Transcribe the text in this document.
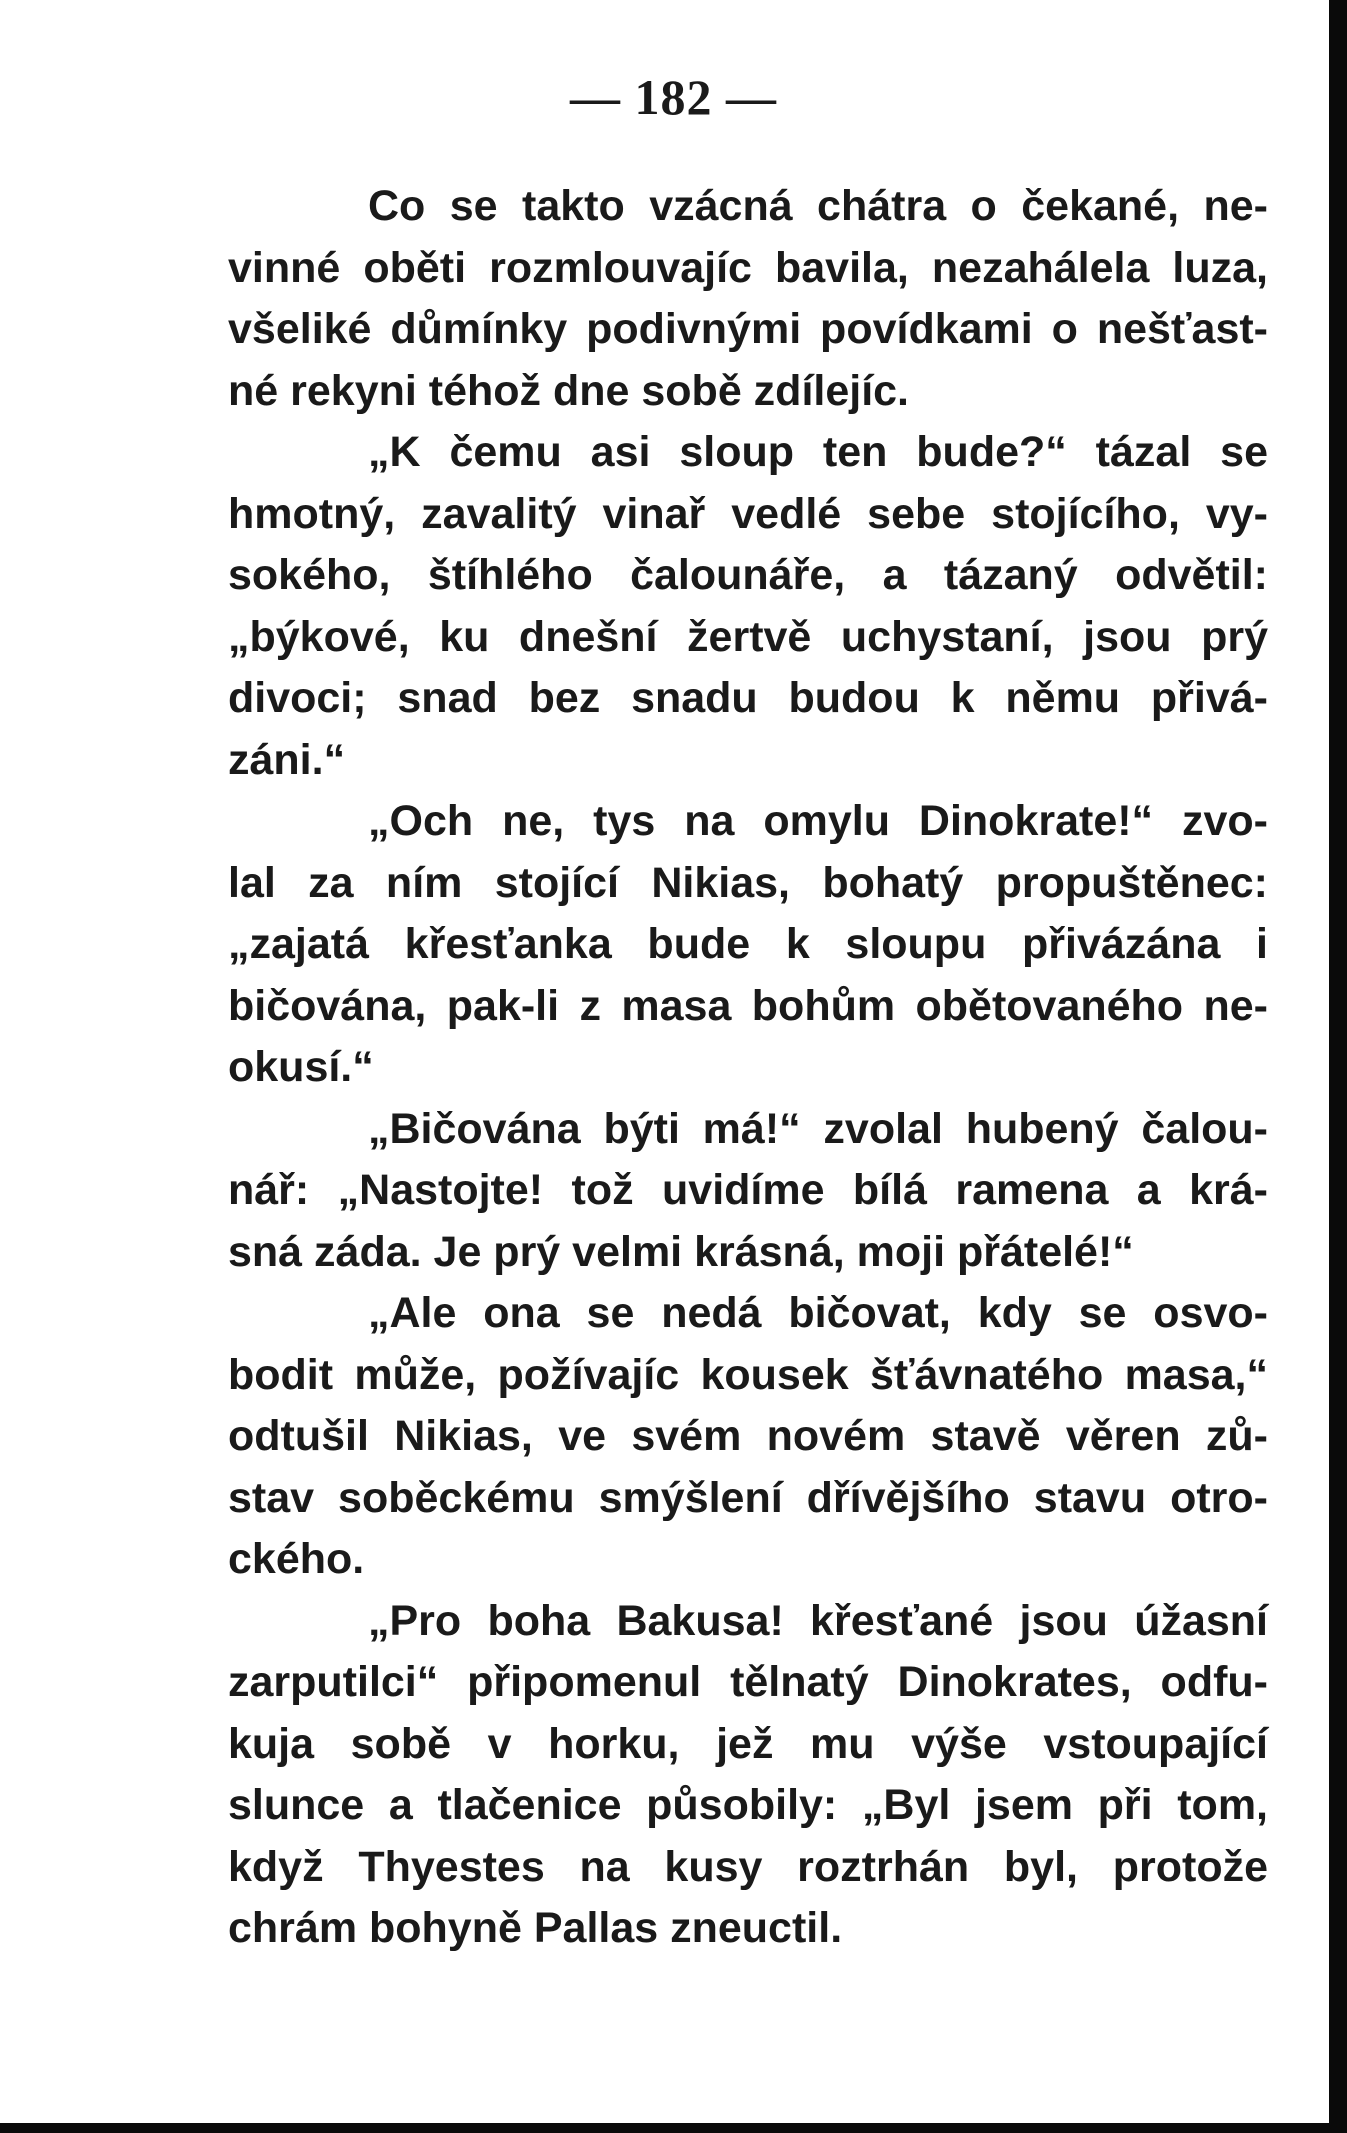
— 182 —
Co se takto vzácná chátra o čekané, ne-
vinné oběti rozmlouvajíc bavila, nezahálela luza,
všeliké důmínky podivnými povídkami o nešťast-
né rekyni téhož dne sobě zdílejíc.
„K čemu asi sloup ten bude?“ tázal se
hmotný, zavalitý vinař vedlé sebe stojícího, vy-
sokého, štíhlého čalounáře, a tázaný odvětil:
„býkové, ku dnešní žertvě uchystaní, jsou prý
divoci; snad bez snadu budou k němu přivá-
záni.“
„Och ne, tys na omylu Dinokrate!“ zvo-
lal za ním stojící Nikias, bohatý propuštěnec:
„zajatá křesťanka bude k sloupu přivázána i
bičována, pak-li z masa bohům obětovaného ne-
okusí.“
„Bičována býti má!“ zvolal hubený čalou-
nář: „Nastojte! tož uvidíme bílá ramena a krá-
sná záda. Je prý velmi krásná, moji přátelé!“
„Ale ona se nedá bičovat, kdy se osvo-
bodit může, požívajíc kousek šťávnatého masa,“
odtušil Nikias, ve svém novém stavě věren zů-
stav soběckému smýšlení dřívějšího stavu otro-
ckého.
„Pro boha Bakusa! křesťané jsou úžasní
zarputilci“ připomenul tělnatý Dinokrates, odfu-
kuja sobě v horku, jež mu výše vstoupající
slunce a tlačenice působily: „Byl jsem při tom,
když Thyestes na kusy roztrhán byl, protože
chrám bohyně Pallas zneuctil.
